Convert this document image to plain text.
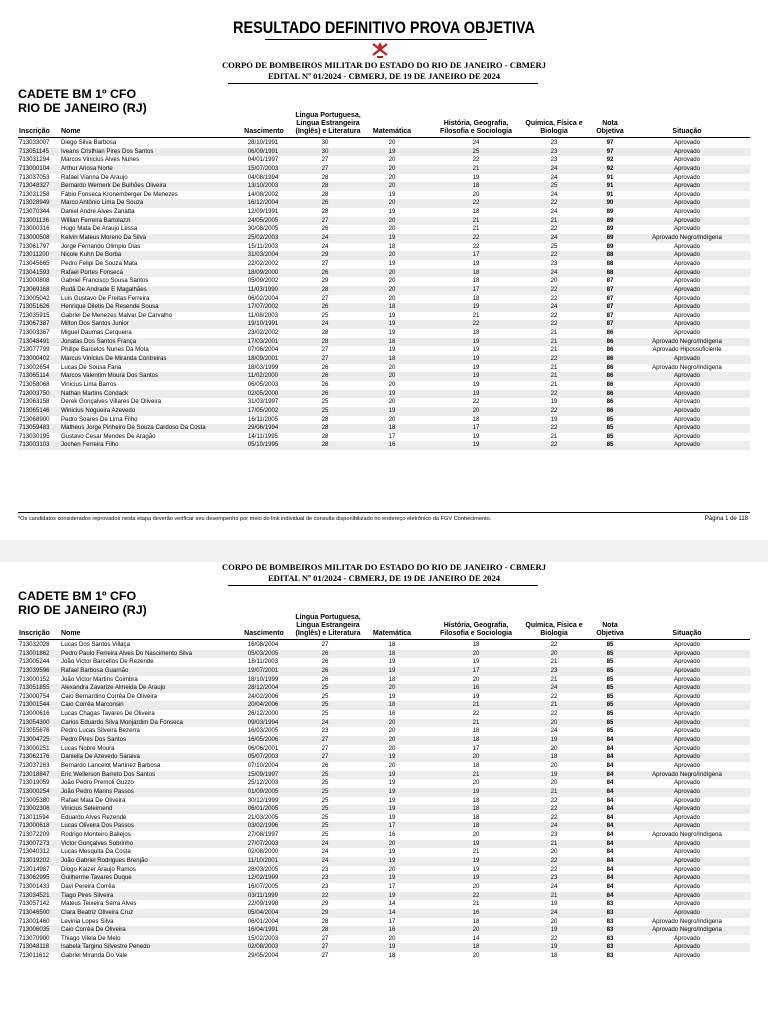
RESULTADO DEFINITIVO PROVA OBJETIVA
CORPO DE BOMBEIROS MILITAR DO ESTADO DO RIO DE JANEIRO - CBMERJ
EDITAL Nº 01/2024 - CBMERJ, DE 19 DE JANEIRO DE 2024
CADETE BM 1º CFO
RIO DE JANEIRO (RJ)
Inscrição Nome	Nascimento
Lingua Portuguesa, Lingua Estrangeira (Inglês) e Literatura	Matemática
História, Geografia, Filosofia e Sociologia
Química, Física e Biologia
Nota Objetiva	Situação
713033007	Diego Silva Barbosa	28/10/1991	30	20	24	23	97	Aprovado
713051145	Iveans Cristhian Pires Dos Santos	06/09/1991	30	19	25	23	97	Aprovado
713031294	Marcos Vinicius Alves Nunes	04/01/1997	27	20	22	23	92	Aprovado
713000104	Arthur Ariosa Norte	15/07/2003	27	20	21	24	92	Aprovado
713037053	Rafael Vianna De Araujo	04/08/1994	28	20	19	24	91	Aprovado
713048327	Bernardo Wernerk De Bulhões Oliveira	13/10/2003	28	20	18	25	91	Aprovado
713031258	Fábio Fonseca Kronemberger De Menezes	14/08/2002	28	19	20	24	91	Aprovado
713028949	Marco Antônio Lima De Souza	16/12/2004	26	20	22	22	90	Aprovado
713070344	Daniel André Alves Zanatta	12/09/1991	28	19	18	24	89	Aprovado
713001136	Willian Ferreira Bartolazzi	24/05/2005	27	20	21	21	89	Aprovado
713000316	Hugo Mata De Araujo Lessa	30/08/2005	26	20	21	22	89	Aprovado
713000508	Kelvin Mateus Moreno Da Silva	25/02/2003	24	19	22	24	89	Aprovado Negro/Indígena
713061797	Jorge Fernando Olimpio Dias	15/11/2003	24	18	22	25	89	Aprovado
713011200	Nicole Kuhn De Borba	31/03/2004	29	20	17	22	88	Aprovado
713045665	Pedro Felipi De Souza Mata	22/02/2002	27	19	19	23	88	Aprovado
713041593	Rafael Portes Fonseca	18/09/2000	26	20	18	24	88	Aprovado
713000808	Gabriel Francisco Sousa Santos	05/09/2002	29	20	18	20	87	Aprovado
713069168	Rudã De Andrade E Magalhães	11/03/1990	28	20	17	22	87	Aprovado
713005042	Luis Gustavo De Freitas Ferreira	06/02/2004	27	20	18	22	87	Aprovado
713051626	Henrique Diletis De Resende Sousa	17/07/2002	26	18	19	24	87	Aprovado
713035915	Gabriel De Menezes Malvar De Carvalho	11/08/2003	25	19	21	22	87	Aprovado
713067387	Milton Dos Santos Junior	19/10/1991	24	19	22	22	87	Aprovado
713003367	Miguel Daumas Cerqueira	23/02/2002	28	19	18	21	86	Aprovado
713048491	Jonatas Dos Santos França	17/03/2001	28	18	19	21	86	Aprovado Negro/Indígena
713077799	Philipe Barcelos Nunes Da Mota	07/06/2004	27	19	19	21	86	Aprovado Hipossuficiente
713000402	Marcus Vinicius De Miranda Contreiras	18/09/2001	27	18	19	22	86	Aprovado
713002654	Lucas De Sousa Faria	18/03/1999	26	20	19	21	86	Aprovado Negro/Indígena
713065114	Marcos Valentim Moura Dos Santos	11/02/2000	26	20	19	21	86	Aprovado
713058068	Vinicius Lima Barros	06/05/2003	26	20	19	21	86	Aprovado
713003750	Nathan Martins Condack	02/05/2000	26	19	19	22	86	Aprovado
713063158	Derek Gonçalves Villares De Oliveira	31/03/1997	25	20	22	19	86	Aprovado
713065146	Winicius Nogueira Azevedo	17/05/2002	25	19	20	22	86	Aprovado
713068900	Pedro Soares De Lima Filho	16/11/2005	28	20	18	19	85	Aprovado
713059483	Matheus Jorge Pinheiro De Souza Cardoso Da Costa	29/06/1994	28	18	17	22	85	Aprovado
713030195	Gustavo Cesar Mendes De Aragão	14/11/1995	28	17	19	21	85	Aprovado
713003103	Jochen Ferreira Filho	05/10/1995	28	16	19	22	85	Aprovado
*Os candidatos considerados reprovados nesta etapa deverão verificar seu desempenho por meio do link individual de consulta disponibilizado no endereço eletrônico da FGV Conhecimento.	Página 1 de 118
CORPO DE BOMBEIROS MILITAR DO ESTADO DO RIO DE JANEIRO - CBMERJ
EDITAL Nº 01/2024 - CBMERJ, DE 19 DE JANEIRO DE 2024
CADETE BM 1º CFO
RIO DE JANEIRO (RJ)
Inscrição Nome	Nascimento
Lingua Portuguesa, Lingua Estrangeira (Inglês) e Literatura	Matemática
História, Geografia, Filosofia e Sociologia
Química, Física e Biologia
Nota Objetiva	Situação
713032028	Lucas Dos Santos Villaça	16/08/2004	27	18	18	22	85	Aprovado
713001862	Pedro Paulo Ferreira Alves Do Nascimento Silva	05/03/2005	26	18	20	20	85	Aprovado
713005244	João Victor Barcellos De Rezende	18/11/2003	26	19	19	21	85	Aprovado
713039596	Rafael Barbosa Guarnão	19/07/2001	26	19	17	23	85	Aprovado
713000152	João Victor Martins Coimbra	18/10/1999	26	18	20	21	85	Aprovado
713051855	Alexandra Zavarize Almeida De Araujo	28/12/2004	25	20	16	24	85	Aprovado
713000754	Caio Bernardino Corrêa De Oliveira	24/02/2006	25	19	19	22	85	Aprovado
713001544	Caio Corrêa Marconsin	20/04/2006	25	18	21	21	85	Aprovado
713000616	Lucas Chagas Tavares De Oliveira	26/12/2000	25	16	22	22	85	Aprovado
713054300	Carlos Eduardo Silva Monjardim Da Fonseca	09/03/1994	24	20	21	20	85	Aprovado
713055676	Pedro Lucas Silveira Bezerra	16/03/2005	23	20	18	24	85	Aprovado
713004725	Pedro Pires Dos Santos	16/05/2006	27	20	18	19	84	Aprovado
713000251	Lucas Nobre Moura	06/06/2001	27	20	17	20	84	Aprovado
713062176	Daniella De Azevedo Saraiva	05/07/2003	27	19	20	18	84	Aprovado
713037263	Bernardo Lancelot Martinez Barbosa	07/10/2004	26	20	18	20	84	Aprovado
713018847	Eric Wellerson Barreto Dos Santos	15/09/1997	25	19	21	19	84	Aprovado Negro/Indígena
713019059	João Pedro Premoli Guzzo	25/12/2003	25	19	20	20	84	Aprovado
713000254	João Pedro Marins Passos	01/09/2005	25	19	19	21	84	Aprovado
713005380	Rafael Maia De Oliveira	30/12/1999	25	19	18	22	84	Aprovado
713002306	Vinicius Seleimend	06/01/2005	25	19	18	22	84	Aprovado
713011594	Eduardo Alves Rezende	21/03/2005	25	19	18	22	84	Aprovado
713000618	Lucas Oliveira Dos Passos	03/02/1996	25	17	18	24	84	Aprovado
713072209	Rodrigo Monteiro Ballejos	27/08/1997	25	16	20	23	84	Aprovado Negro/Indígena
713007273	Victor Gonçalves Sobrinho	27/07/2003	24	20	19	21	84	Aprovado
713040312	Lucas Mesquita Da Costa	02/08/2000	24	19	21	20	84	Aprovado
713019202	João Gabriel Rodrigues Brenjão	11/10/2001	24	19	19	22	84	Aprovado
713014987	Diogo Kaizer Araujo Ramos	28/03/2005	23	20	19	22	84	Aprovado
713062995	Guilherme Tavares Duque	12/02/1999	23	19	19	23	84	Aprovado
713001433	Davi Pereira Corrêa	16/07/2005	23	17	20	24	84	Aprovado
713034521	Tiago Pires Silveira	03/11/1999	22	19	22	21	84	Aprovado
713057142	Mateus Teixeira Serra Alves	22/09/1998	29	14	21	19	83	Aprovado
713046500	Clara Beatriz Oliveira Cruz	05/04/2004	29	14	16	24	83	Aprovado
713001460	Levinia Lopes Silva	06/01/2004	28	17	18	20	83	Aprovado Negro/Indígena
713006035	Caio Corrêa De Oliveira	16/04/1991	28	16	20	19	83	Aprovado Negro/Indígena
713070900	Thiago Vilela De Melo	15/02/2003	27	20	14	22	83	Aprovado
713048118	Isabela Targino Silvestre Penedo	02/08/2003	27	19	18	19	83	Aprovado
713011612	Gabriel Miranda Do Vale	29/05/2004	27	18	20	18	83	Aprovado
